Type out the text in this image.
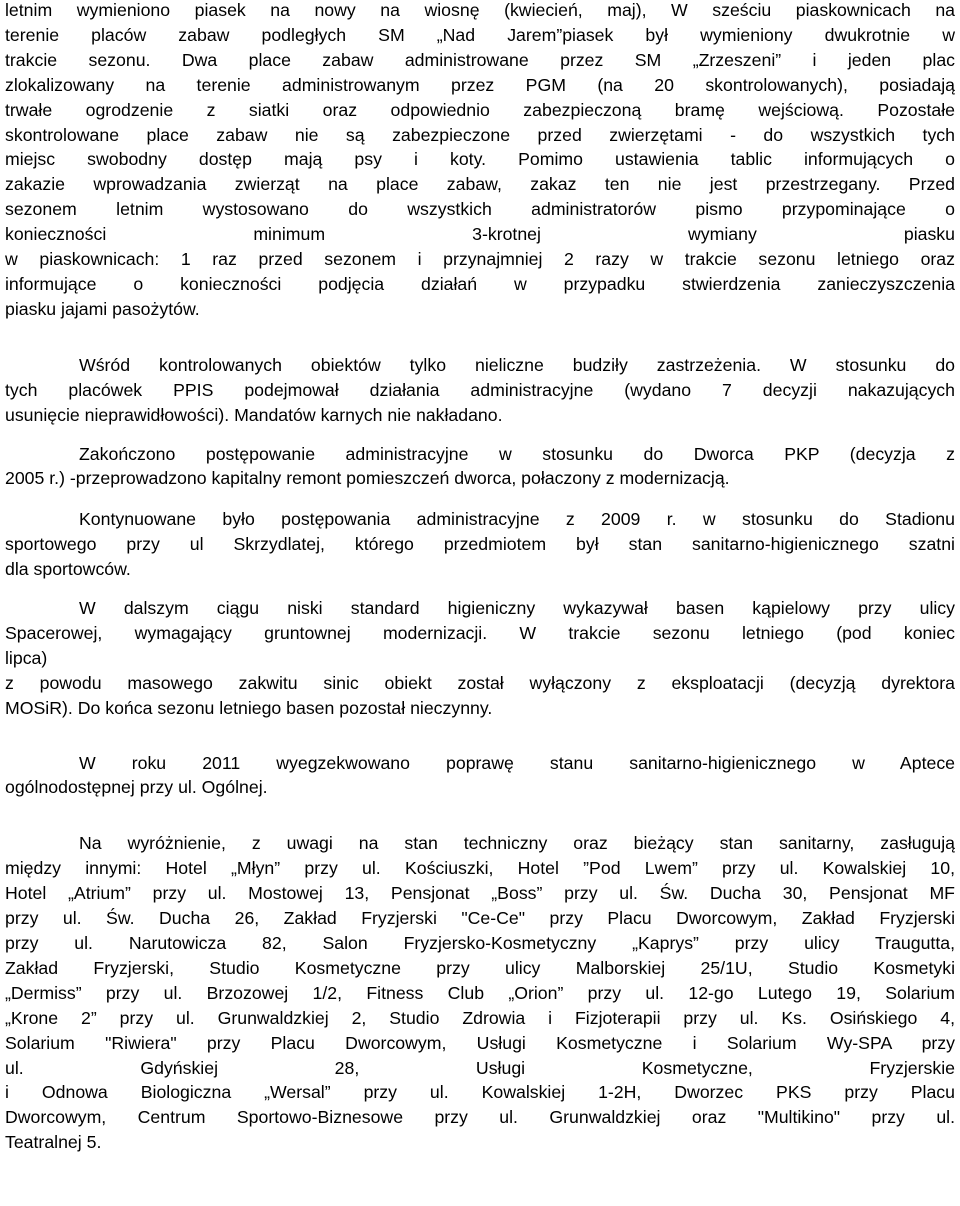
letnim wymieniono piasek na nowy na wiosnę (kwiecień, maj), W sześciu piaskownicach na
terenie placów zabaw podległych SM „Nad Jarem”piasek był wymieniony dwukrotnie w
trakcie sezonu. Dwa place zabaw administrowane przez SM „Zrzeszeni” i jeden plac
zlokalizowany na terenie administrowanym przez PGM (na 20 skontrolowanych), posiadają
trwałe ogrodzenie z siatki oraz odpowiednio zabezpieczoną bramę wejściową. Pozostałe
skontrolowane place zabaw nie są zabezpieczone przed zwierzętami - do wszystkich tych
miejsc swobodny dostęp mają psy i koty. Pomimo ustawienia tablic informujących o
zakazie wprowadzania zwierząt na place zabaw, zakaz ten nie jest przestrzegany. Przed
sezonem letnim wystosowano do wszystkich administratorów pismo przypominające o
konieczności minimum 3-krotnej wymiany piasku
w piaskownicach: 1 raz przed sezonem i przynajmniej 2 razy w trakcie sezonu letniego oraz
informujące o konieczności podjęcia działań w przypadku stwierdzenia zanieczyszczenia
piasku jajami pasożytów.
Wśród kontrolowanych obiektów tylko nieliczne budziły zastrzeżenia. W stosunku do
tych placówek PPIS podejmował działania administracyjne (wydano 7 decyzji nakazujących
usunięcie nieprawidłowości). Mandatów karnych nie nakładano.
Zakończono postępowanie administracyjne w stosunku do Dworca PKP (decyzja z
2005 r.) -przeprowadzono kapitalny remont pomieszczeń dworca, połaczony z modernizacją.
Kontynuowane było postępowania administracyjne z 2009 r. w stosunku do Stadionu
sportowego przy ul Skrzydlatej, którego przedmiotem był stan sanitarno-higienicznego szatni
dla sportowców.
W dalszym ciągu niski standard higieniczny wykazywał basen kąpielowy przy ulicy
Spacerowej, wymagający gruntownej modernizacji. W trakcie sezonu letniego (pod koniec
lipca)
z powodu masowego zakwitu sinic obiekt został wyłączony z eksploatacji (decyzją dyrektora
MOSiR). Do końca sezonu letniego basen pozostał nieczynny.
W roku 2011 wyegzekwowano poprawę stanu sanitarno-higienicznego w Aptece
ogólnodostępnej przy ul. Ogólnej.
Na wyróżnienie, z uwagi na stan techniczny oraz bieżący stan sanitarny, zasługują
między innymi: Hotel „Młyn” przy ul. Kościuszki, Hotel ”Pod Lwem” przy ul. Kowalskiej 10,
Hotel „Atrium” przy ul. Mostowej 13, Pensjonat „Boss” przy ul. Św. Ducha 30, Pensjonat MF
przy ul. Św. Ducha 26, Zakład Fryzjerski "Ce-Ce" przy Placu Dworcowym, Zakład Fryzjerski
przy ul. Narutowicza 82, Salon Fryzjersko-Kosmetyczny „Kaprys” przy ulicy Traugutta,
Zakład Fryzjerski, Studio Kosmetyczne przy ulicy Malborskiej 25/1U, Studio Kosmetyki
„Dermiss” przy ul. Brzozowej 1/2, Fitness Club „Orion” przy ul. 12-go Lutego 19, Solarium
„Krone 2” przy ul. Grunwaldzkiej 2, Studio Zdrowia i Fizjoterapii przy ul. Ks. Osińskiego 4,
Solarium "Riwiera" przy Placu Dworcowym, Usługi Kosmetyczne i Solarium Wy-SPA przy
ul. Gdyńskiej 28, Usługi Kosmetyczne, Fryzjerskie
i Odnowa Biologiczna „Wersal” przy ul. Kowalskiej 1-2H, Dworzec PKS przy Placu
Dworcowym, Centrum Sportowo-Biznesowe przy ul. Grunwaldzkiej oraz "Multikino" przy ul.
Teatralnej 5.
